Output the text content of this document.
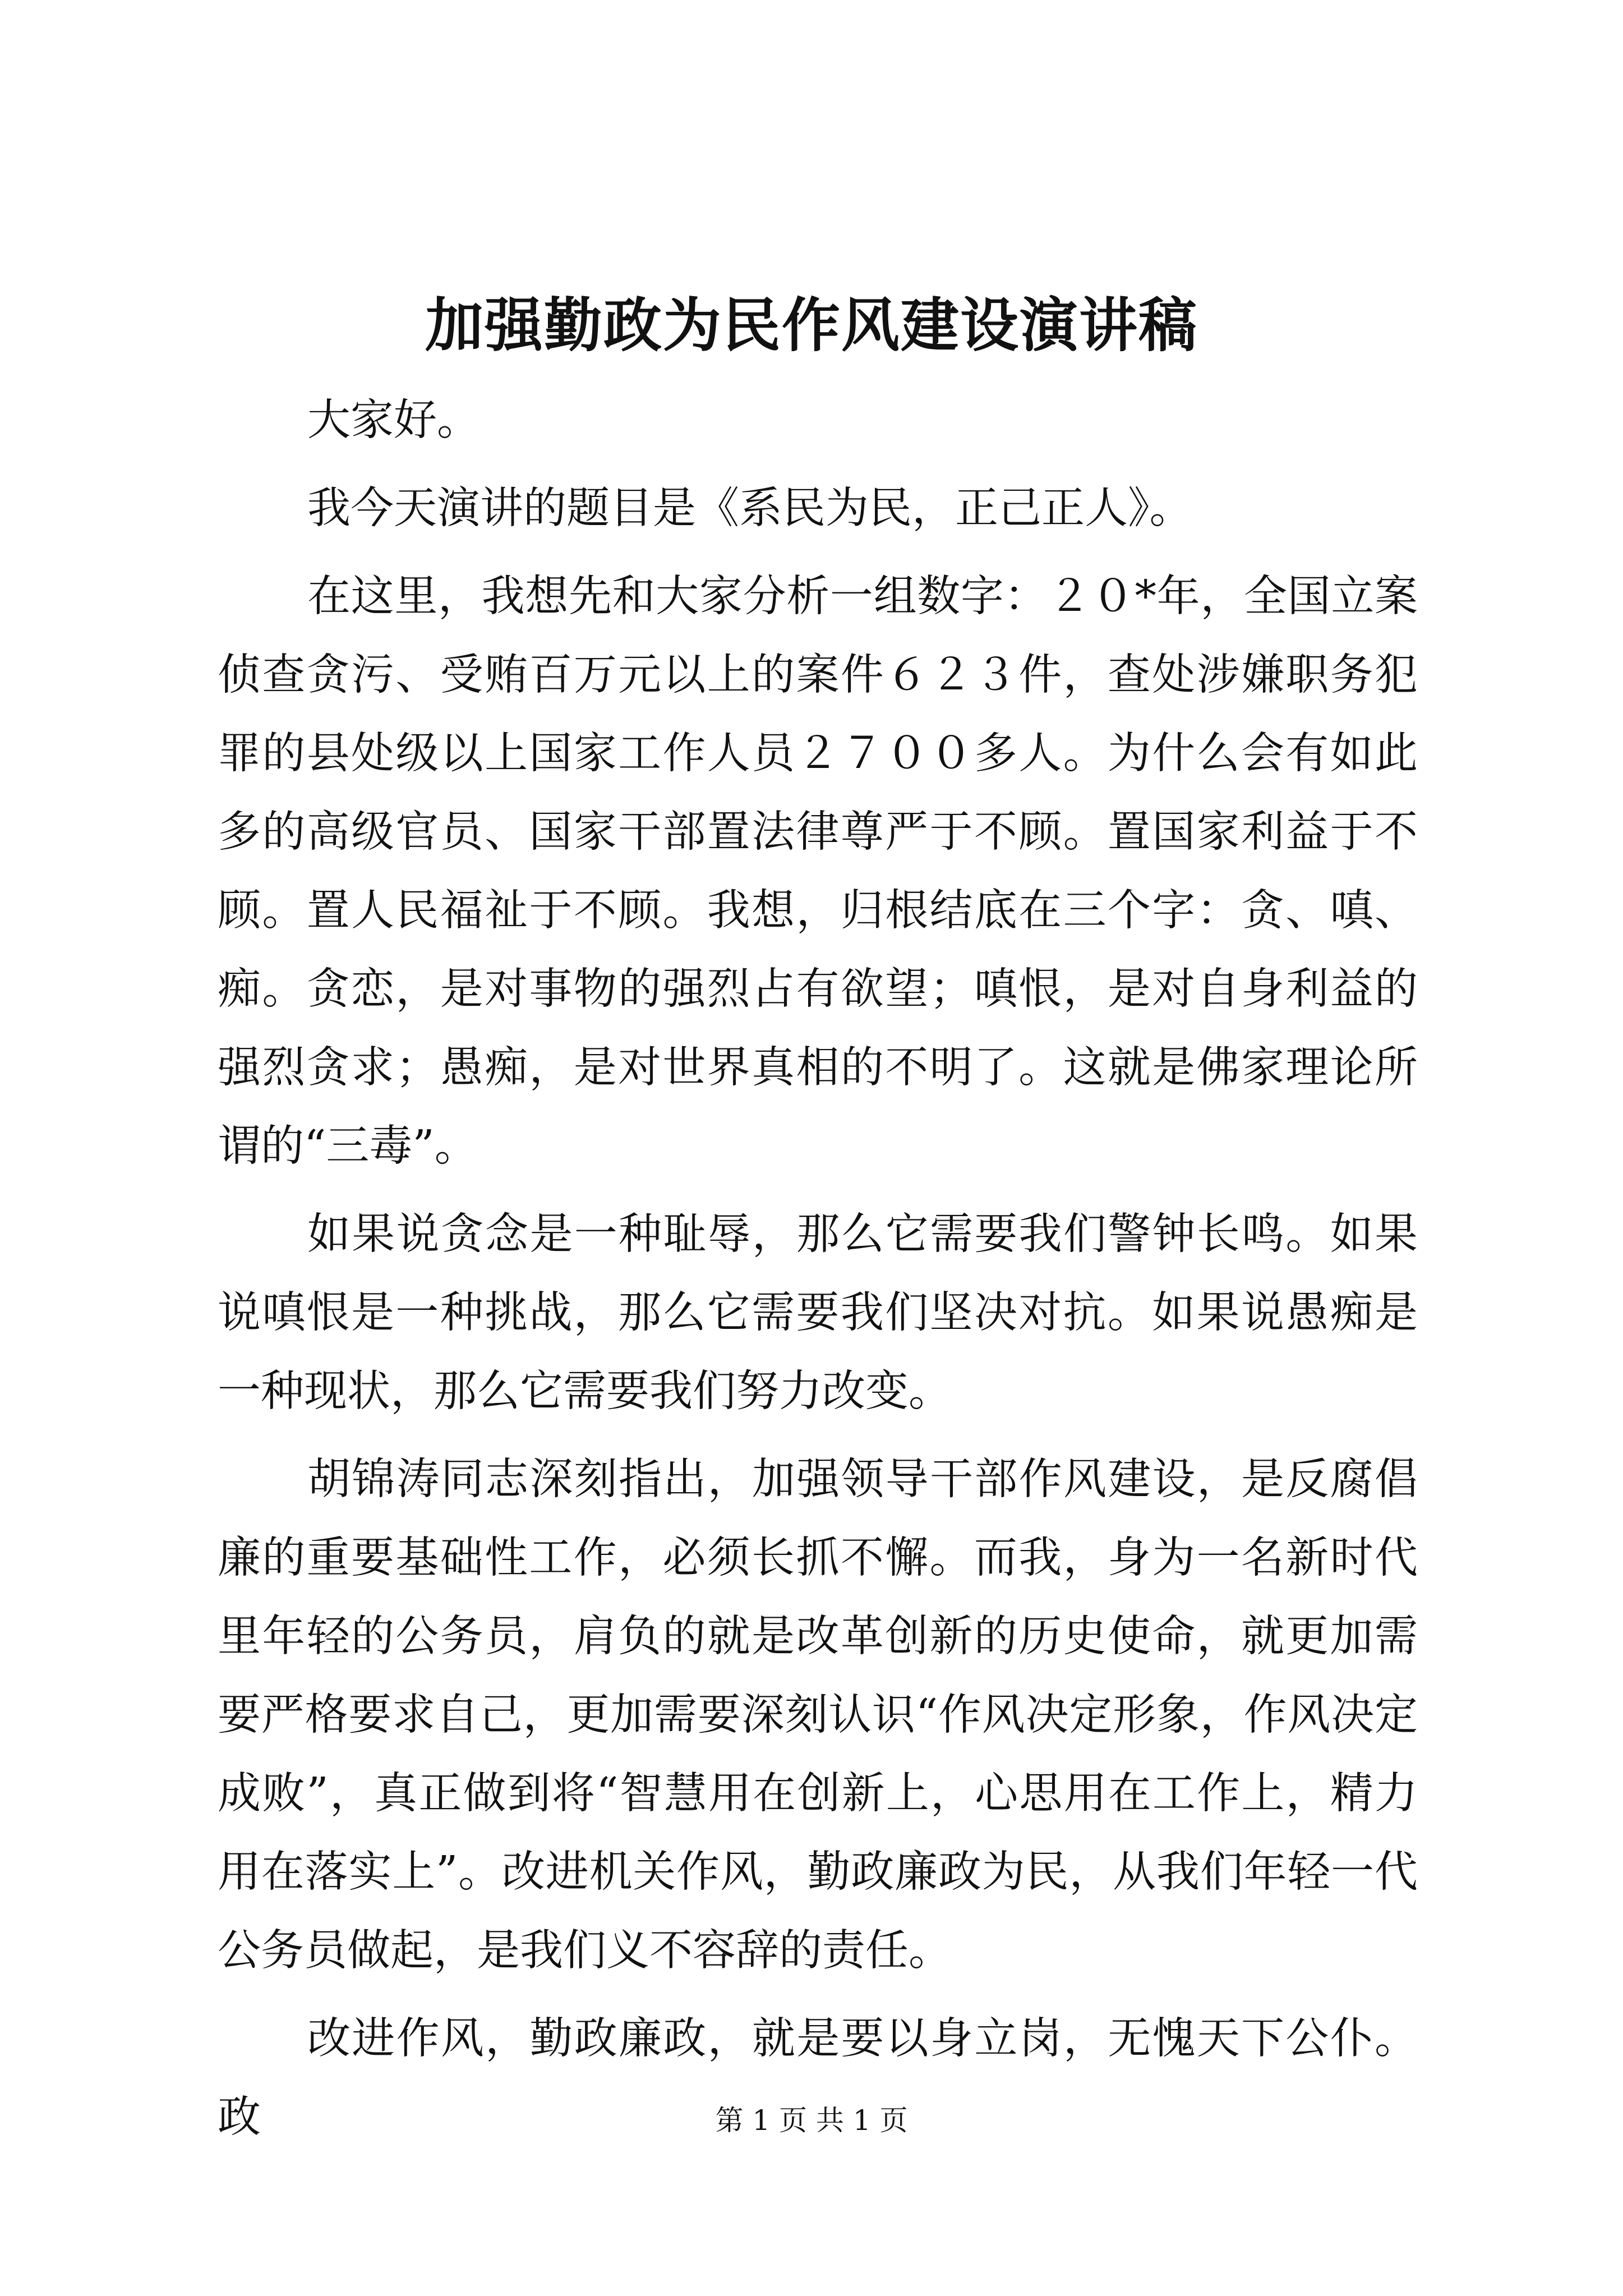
加强勤政为民作风建设演讲稿

大家好。

我今天演讲的题目是《系民为民，正己正人》。

在这里，我想先和大家分析一组数字：２０*年，全国立案侦查贪污、受贿百万元以上的案件６２３件，查处涉嫌职务犯罪的县处级以上国家工作人员２７００多人。为什么会有如此多的高级官员、国家干部置法律尊严于不顾。置国家利益于不顾。置人民福祉于不顾。我想，归根结底在三个字：贪、嗔、痴。贪恋，是对事物的强烈占有欲望；嗔恨，是对自身利益的强烈贪求；愚痴，是对世界真相的不明了。这就是佛家理论所谓的“三毒”。

如果说贪念是一种耻辱，那么它需要我们警钟长鸣。如果说嗔恨是一种挑战，那么它需要我们坚决对抗。如果说愚痴是一种现状，那么它需要我们努力改变。

胡锦涛同志深刻指出，加强领导干部作风建设，是反腐倡廉的重要基础性工作，必须长抓不懈。而我，身为一名新时代里年轻的公务员，肩负的就是改革创新的历史使命，就更加需要严格要求自己，更加需要深刻认识“作风决定形象，作风决定成败”，真正做到将“智慧用在创新上，心思用在工作上，精力用在落实上”。改进机关作风，勤政廉政为民，从我们年轻一代公务员做起，是我们义不容辞的责任。

改进作风，勤政廉政，就是要以身立岗，无愧天下公仆。政	第 1 页 共 1 页
